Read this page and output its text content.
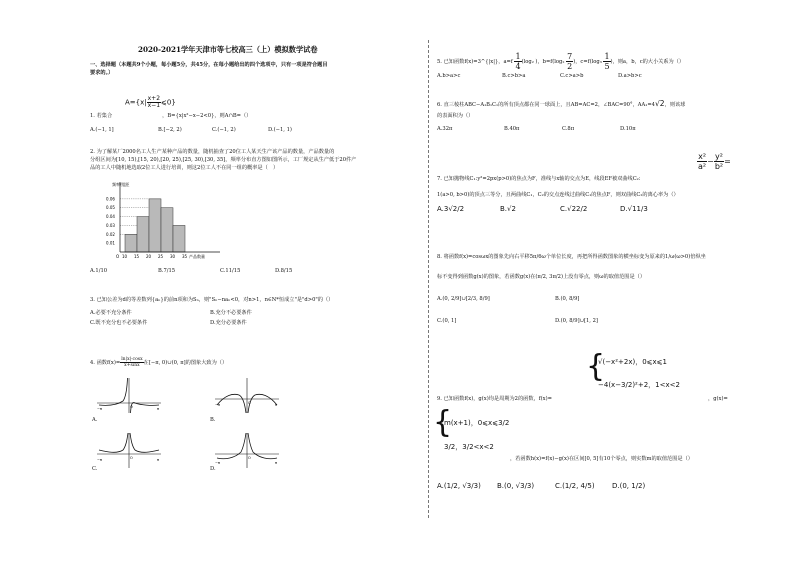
2020-2021学年天津市等七校高三（上）模拟数学试卷
一、选择题（本题共9个小题，每小题5分，共45分，在每小题给出的四个选项中，只有一项是符合题目
要求的。）
$A=\{x| \frac{x+2}{x-1}$ ⩽0}
1. 若集合	，B={x|x²−x−2<0}，则A∩B=（）
A.(−1, 1]	B.[−2, 2)	C.(−1, 2)	D.(−1, 1)
2. 为了解某厂2000名工人生产某种产品的数量，随机抽查了20位工人某天生产该产品的数量，产品数量的
分组区间为[10, 15),[15, 20),[20, 25),[25, 30),[30, 35]，频率分布直方图如图所示，工厂规定从生产低于20件产
品的工人中随机地选取2位工人进行培训，则这2位工人不在同一组的概率是（　）
频率/组距
0.06
0.05
0.04
0.03
0.02
0.01
10 15 20 25 30 35 产品数量
O
A.1/10	B.7/15	C.11/15	D.8/15
3. 已知公差为d的等差数列{aₙ}的前n项和为Sₙ，则"Sₙ−naₙ<0，对n>1，n∈N*恒成立"是"d>0"的（）
A.必要不充分条件	B.充分不必要条件
C.既不充分也不必要条件	D.充分必要条件
4. 函数$f(x)= \frac{\ln|x|\cdot\cos x}{x+\sin x}$ 在[−π, 0)∪(0, π]的图象大致为（）
−π	π
O
A.
−π	π
O
B.
−π	π
O
C.
−π	π
O
D.
5. 已知函数f(x)=3^{|x|}，$a=f \frac{1}{4} (\log_2$ )，$b=f(\log_2 \frac{7}{2}$ )，$c=f(\log_3 \frac{1}{5}$ )，则a，b，c的大小关系为（）
A.b>a>c	B.c>b>a	C.c>a>b	D.a>b>c
6. 直三棱柱ABC−A₁B₁C₁的所有顶点都在同一球面上，且AB=AC=2，∠BAC=90°，AA₁=4√2，则该球
的表面积为（）
A.32π	B.40π	C.8π	D.10π
7. 已知抛物线C₁:y²=2px(p>0)的焦点为F，准线与x轴的交点为E，线段EF被双曲线C₂:
$\frac{\text{x²}}{\text{a²}} - \frac{\text{y²}}{\text{b²}}$ =
1(a>0, b>0)的顶点三等分，且两曲线C₁，C₂的交点连线过曲线C₁的焦点F，则双曲线C₂的离心率为（）
A.3√2/2	B.√2	C.√22/2	D.√11/3
8. 将函数f(x)=cosωx的图象先向右平移5π/6ω个单位长度，再把所得函数图象的横坐标变为原来的1/ω(ω>0)倍纵坐
标不变得到函数g(x)的图象，若函数g(x)在(π/2, 3π/2)上没有零点，则ω的取值范围是（）
A.(0, 2/9]∪[2/3, 8/9]	B.(0, 8/9]
C.(0, 1]	D.(0, 8/9]∪[1, 2]
{
√(−x²+2x)，0⩽x⩽1
−4(x−3/2)²+2，1<x<2
9. 已知函数f(x)，g(x)均是周期为2的函数，f(x)=	，g(x)=
{
m(x+1)，0⩽x⩽3/2
3/2，3/2<x<2
，若函数h(x)=f(x)−g(x)在区间[0, 5]有10个零点，则实数m的取值范围是（）
A.(1/2, √3/3) B.(0, √3/3)	C.(1/2, 4/5) D.(0, 1/2)
